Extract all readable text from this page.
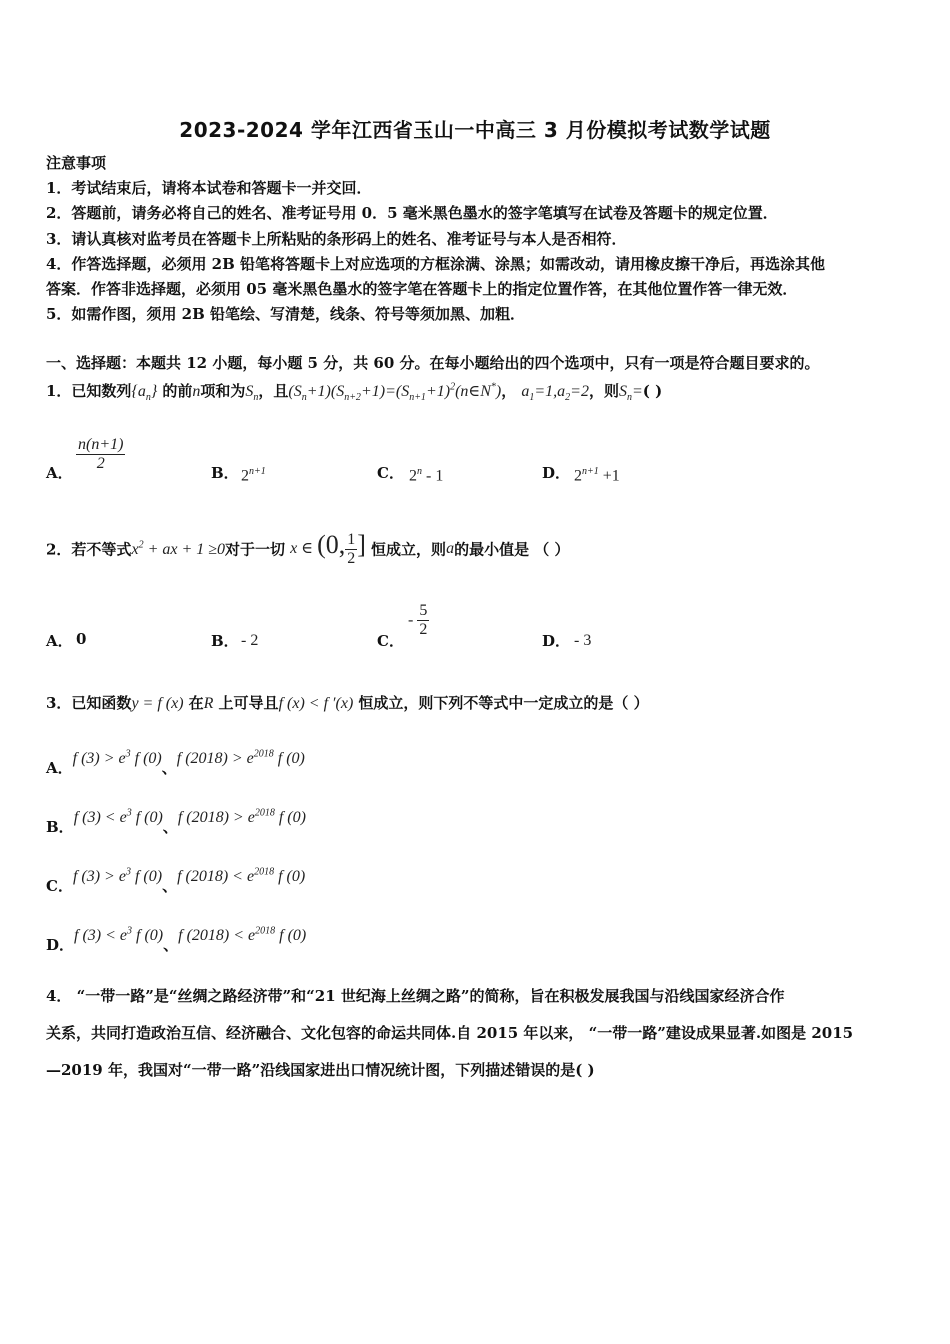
2023-2024 学年江西省玉山一中高三 3 月份模拟考试数学试题
注意事项
1．考试结束后，请将本试卷和答题卡一并交回．
2．答题前，请务必将自己的姓名、准考证号用 0．5 毫米黑色墨水的签字笔填写在试卷及答题卡的规定位置．
3．请认真核对监考员在答题卡上所粘贴的条形码上的姓名、准考证号与本人是否相符．
4．作答选择题，必须用 2B 铅笔将答题卡上对应选项的方框涂满、涂黑；如需改动，请用橡皮擦干净后，再选涂其他
答案．作答非选择题，必须用 05 毫米黑色墨水的签字笔在答题卡上的指定位置作答，在其他位置作答一律无效．
5．如需作图，须用 2B 铅笔绘、写清楚，线条、符号等须加黑、加粗．
一、选择题：本题共 12 小题，每小题 5 分，共 60 分。在每小题给出的四个选项中，只有一项是符合题目要求的。
1．已知数列$\{a_n\}$ 的前n项和为$S_n$，且$(S_n+1)(S_{n+2}+1)=(S_{n+1}+1)^2(n\in N^*)$， $a_1=1,a_2=2$，则$S_n=$( )
A． $\frac{n(n+1)}{2}$	B． $2^{n+1}$	C． 2$^n$ - 1	D． $2^{n+1} +1$
2．若不等式$x^2$ + ax + 1 ≥0对于一切 x ∈ (0, $\frac{1}{2}$ ] 恒成立，则a的最小值是 （ ）
A． 0	B． - 2	C．
- $\frac{5}{2}$
D． - 3
3．已知函数y = f (x) 在R 上可导且f (x) < f ′(x) 恒成立，则下列不等式中一定成立的是（ ）
A．f $(3) > e^3$ f (0)、f $(2018) > e^{2018}$ f (0)
B．f $(3) < e^3$ f (0)、f $(2018) > e^{2018}$ f (0)
C．f $(3) > e^3$ f (0)、f $(2018) < e^{2018}$ f (0)
D．f $(3) < e^3$ f (0)、f $(2018) < e^{2018}$ f (0)
4． “一带一路”是“丝绸之路经济带”和“21 世纪海上丝绸之路”的简称，旨在积极发展我国与沿线国家经济合作
关系，共同打造政治互信、经济融合、文化包容的命运共同体.自 2015 年以来， “一带一路”建设成果显著.如图是 2015
—2019 年，我国对“一带一路”沿线国家进出口情况统计图，下列描述错误的是( )
